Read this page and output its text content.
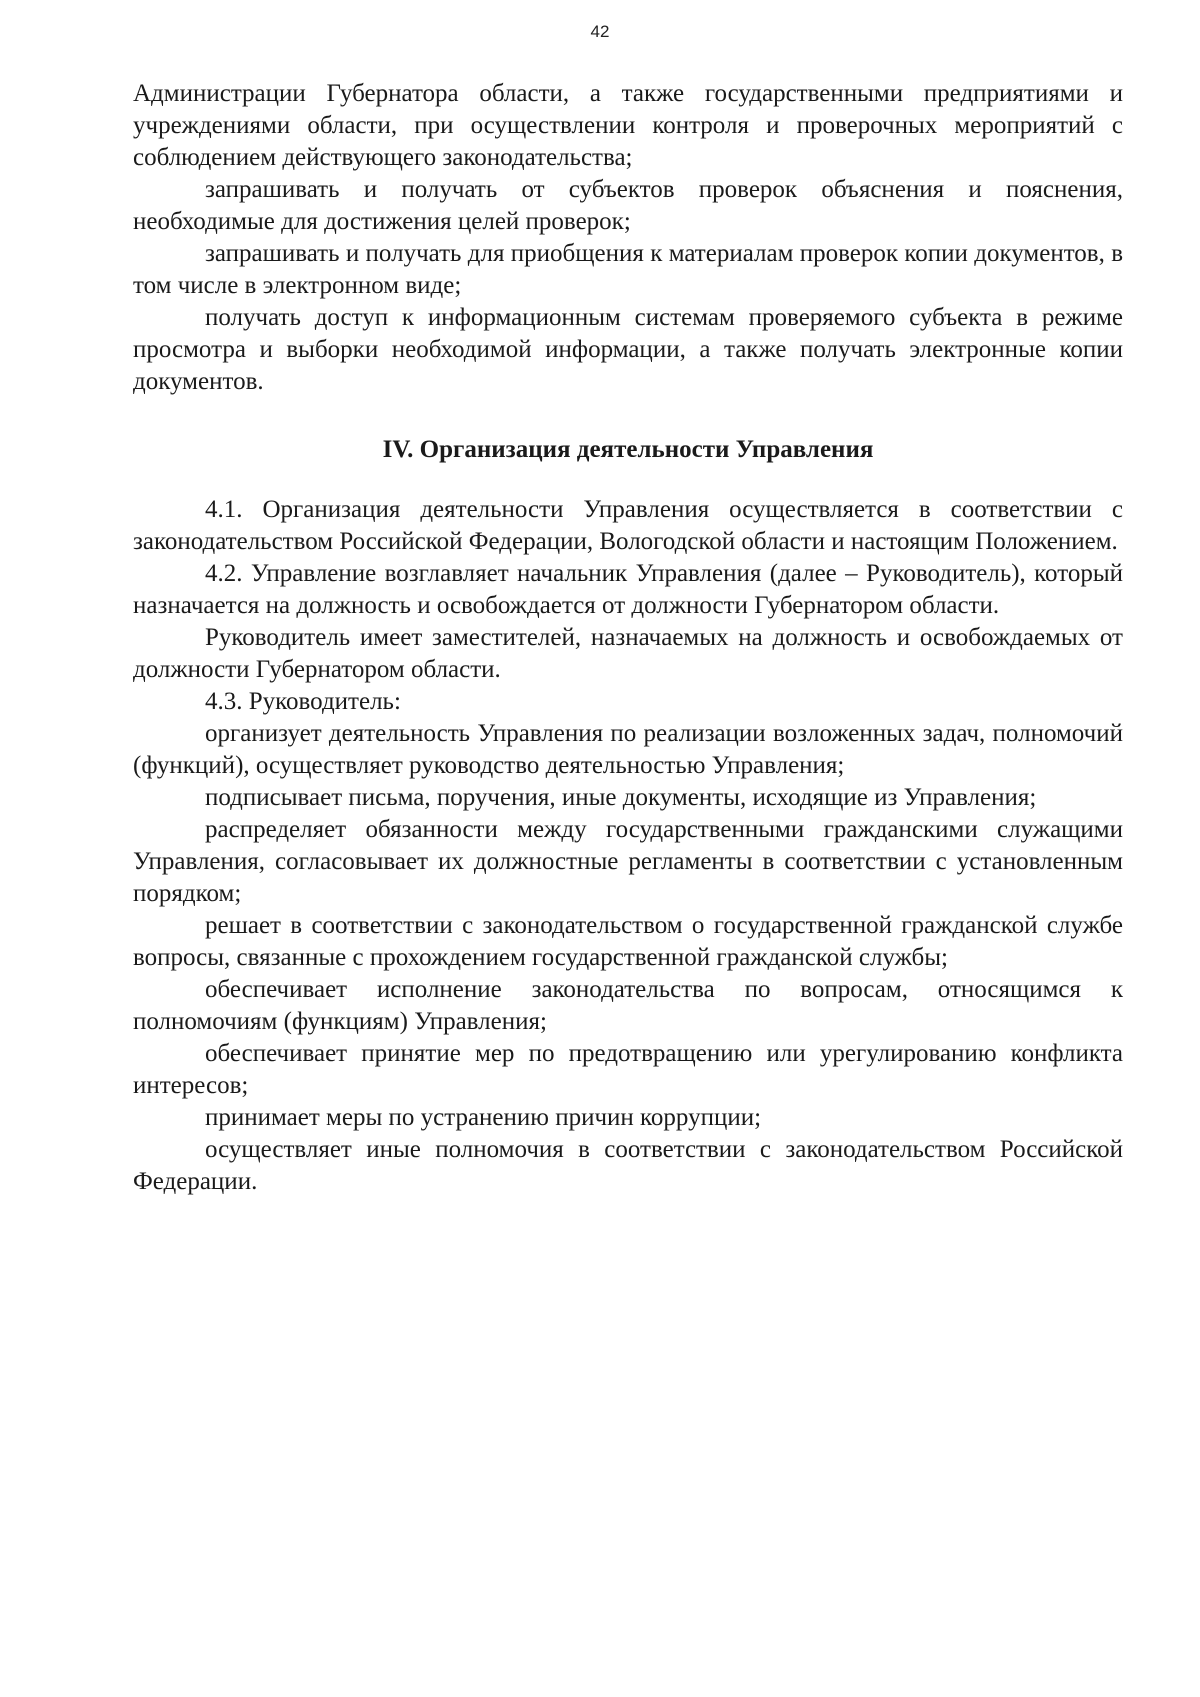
42

Администрации Губернатора области, а также государственными предприятиями и учреждениями области, при осуществлении контроля и проверочных мероприятий с соблюдением действующего законодательства;

запрашивать и получать от субъектов проверок объяснения и пояснения, необходимые для достижения целей проверок;

запрашивать и получать для приобщения к материалам проверок копии документов, в том числе в электронном виде;

получать доступ к информационным системам проверяемого субъекта в режиме просмотра и выборки необходимой информации, а также получать электронные копии документов.

IV. Организация деятельности Управления

4.1. Организация деятельности Управления осуществляется в соответствии с законодательством Российской Федерации, Вологодской области и настоящим Положением.

4.2. Управление возглавляет начальник Управления (далее – Руководитель), который назначается на должность и освобождается от должности Губернатором области.

Руководитель имеет заместителей, назначаемых на должность и освобождаемых от должности Губернатором области.

4.3. Руководитель:

организует деятельность Управления по реализации возложенных задач, полномочий (функций), осуществляет руководство деятельностью Управления;

подписывает письма, поручения, иные документы, исходящие из Управления;

распределяет обязанности между государственными гражданскими служащими Управления, согласовывает их должностные регламенты в соответствии с установленным порядком;

решает в соответствии с законодательством о государственной гражданской службе вопросы, связанные с прохождением государственной гражданской службы;

обеспечивает исполнение законодательства по вопросам, относящимся к полномочиям (функциям) Управления;

обеспечивает принятие мер по предотвращению или урегулированию конфликта интересов;

принимает меры по устранению причин коррупции;

осуществляет иные полномочия в соответствии с законодательством Российской Федерации.
